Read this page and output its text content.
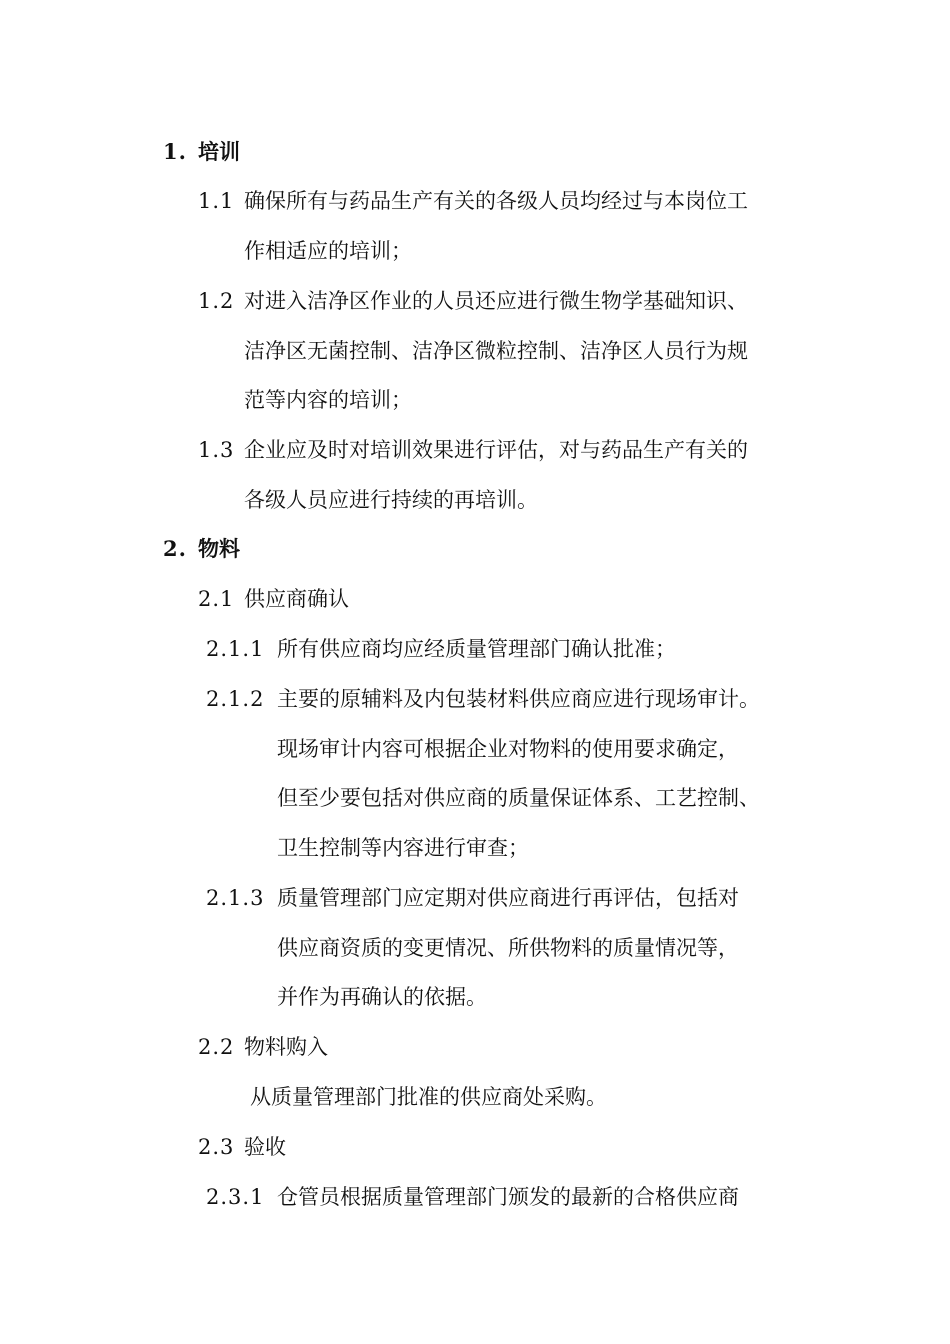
1. 培训
1.1 确保所有与药品生产有关的各级人员均经过与本岗位工
作相适应的培训；
1.2 对进入洁净区作业的人员还应进行微生物学基础知识、
洁净区无菌控制、洁净区微粒控制、洁净区人员行为规
范等内容的培训；
1.3 企业应及时对培训效果进行评估，对与药品生产有关的
各级人员应进行持续的再培训。
2. 物料
2.1 供应商确认
2.1.1 所有供应商均应经质量管理部门确认批准；
2.1.2 主要的原辅料及内包装材料供应商应进行现场审计。
现场审计内容可根据企业对物料的使用要求确定，
但至少要包括对供应商的质量保证体系、工艺控制、
卫生控制等内容进行审查；
2.1.3 质量管理部门应定期对供应商进行再评估，包括对
供应商资质的变更情况、所供物料的质量情况等，
并作为再确认的依据。
2.2 物料购入
从质量管理部门批准的供应商处采购。
2.3 验收
2.3.1 仓管员根据质量管理部门颁发的最新的合格供应商
